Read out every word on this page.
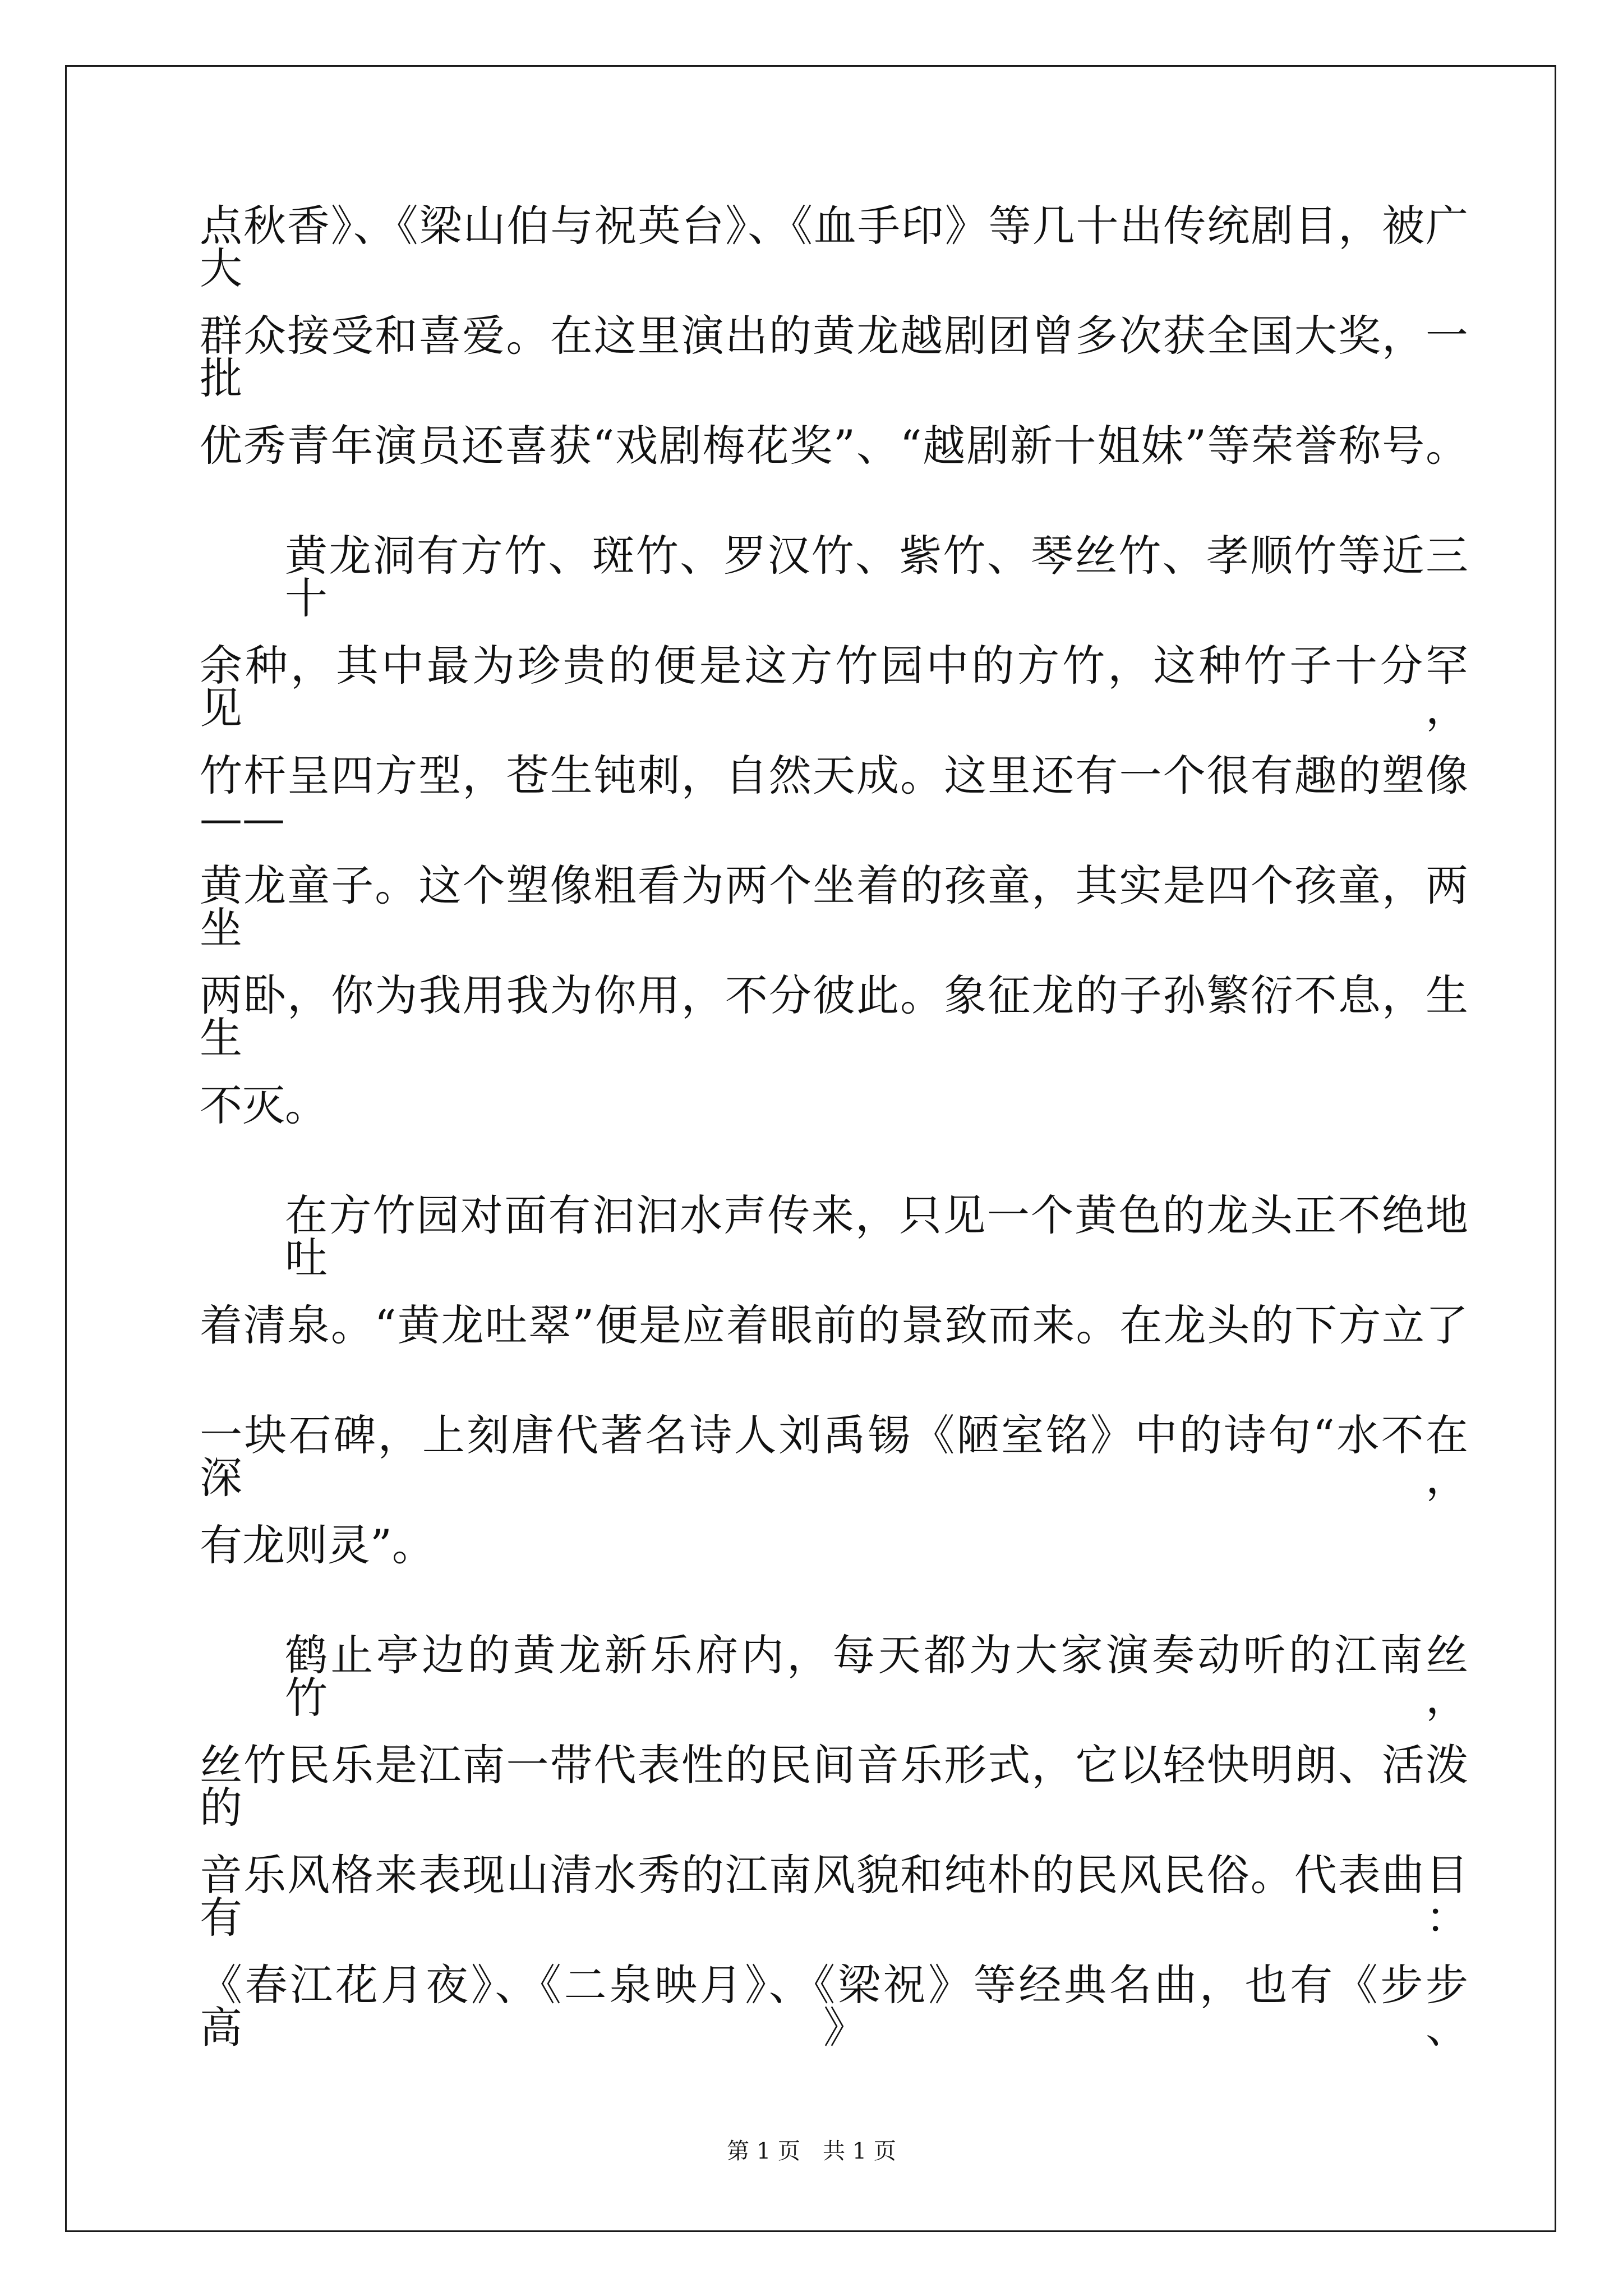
点秋香》、《梁山伯与祝英台》、《血手印》等几十出传统剧目，被广大
群众接受和喜爱。在这里演出的黄龙越剧团曾多次获全国大奖，一批
优秀青年演员还喜获“戏剧梅花奖”、“越剧新十姐妹”等荣誉称号。
黄龙洞有方竹、斑竹、罗汉竹、紫竹、琴丝竹、孝顺竹等近三十
余种，其中最为珍贵的便是这方竹园中的方竹，这种竹子十分罕见，
竹杆呈四方型，苍生钝刺，自然天成。这里还有一个很有趣的塑像——
黄龙童子。这个塑像粗看为两个坐着的孩童，其实是四个孩童，两坐
两卧，你为我用我为你用，不分彼此。象征龙的子孙繁衍不息，生生
不灭。
在方竹园对面有汩汩水声传来，只见一个黄色的龙头正不绝地吐
着清泉。“黄龙吐翠”便是应着眼前的景致而来。在龙头的下方立了
一块石碑，上刻唐代著名诗人刘禹锡《陋室铭》中的诗句“水不在深，
有龙则灵”。
鹤止亭边的黄龙新乐府内，每天都为大家演奏动听的江南丝竹，
丝竹民乐是江南一带代表性的民间音乐形式，它以轻快明朗、活泼的
音乐风格来表现山清水秀的江南风貌和纯朴的民风民俗。代表曲目有：
《春江花月夜》、《二泉映月》、《梁祝》等经典名曲，也有《步步高》、
第 1 页　共 1 页
